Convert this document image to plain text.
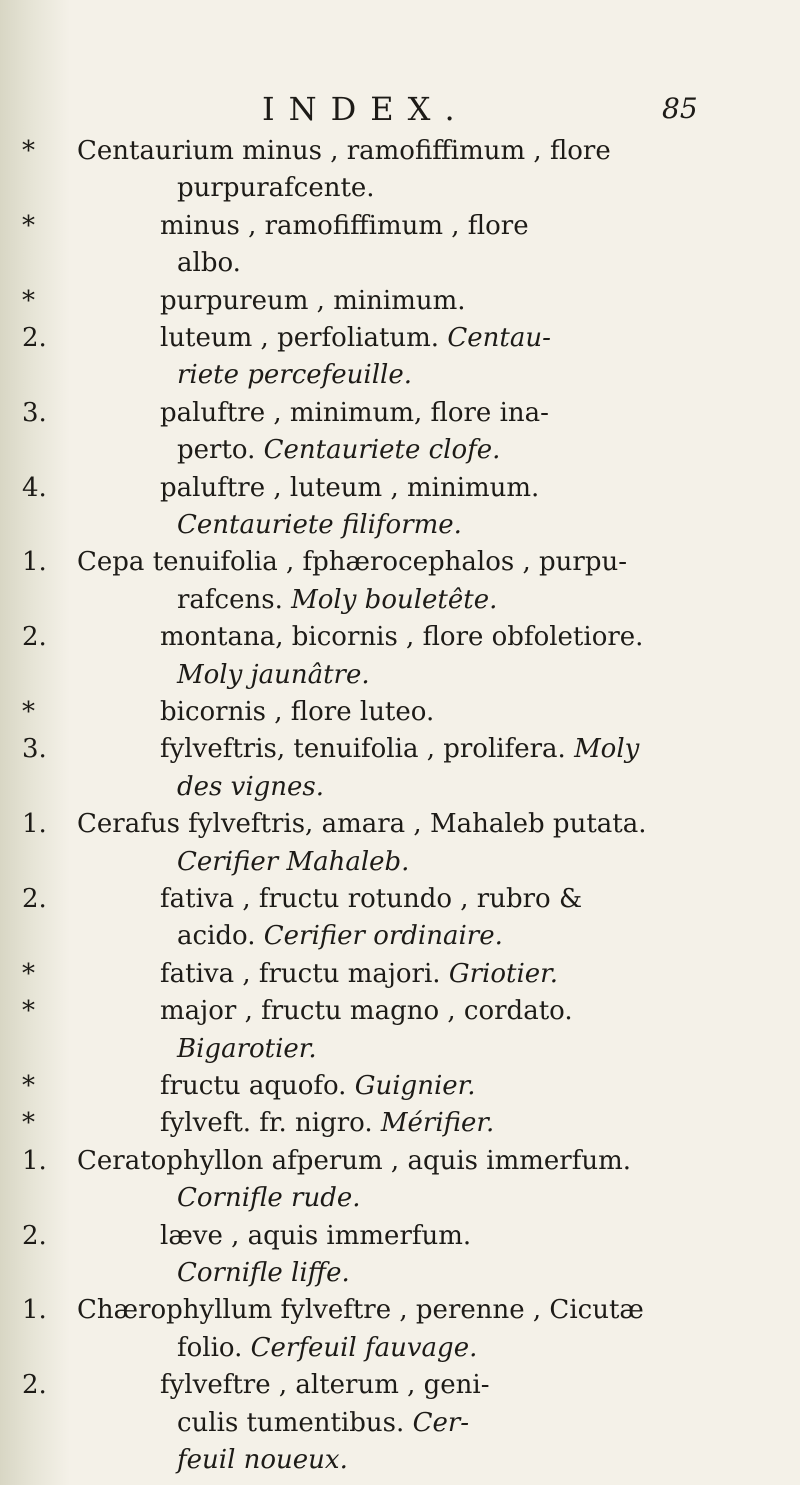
INDEX.	85
* Centaurium minus , ramofiffimum , flore
purpurafcente.
*	minus , ramofiffimum , flore
albo.
*	purpureum , minimum.
2.	luteum , perfoliatum. Centau-
riete percefeuille.
3.	paluftre , minimum, flore ina-
perto. Centauriete clofe.
4.	paluftre , luteum , minimum.
Centauriete filiforme.
1. Cepa tenuifolia , fphærocephalos , purpu-
rafcens. Moly bouletête.
2.	montana, bicornis , flore obfoletiore.
Moly jaunâtre.
*	bicornis , flore luteo.
3.	fylveftris, tenuifolia , prolifera. Moly
des vignes.
1. Cerafus fylveftris, amara , Mahaleb putata.
Cerifier Mahaleb.
2.	fativa , fructu rotundo , rubro &
acido. Cerifier ordinaire.
*	fativa , fructu majori. Griotier.
*	major , fructu magno , cordato.
Bigarotier.
*	fructu aquofo. Guignier.
*	fylveft. fr. nigro. Mérifier.
1. Ceratophyllon afperum , aquis immerfum.
Cornifle rude.
2.	læve , aquis immerfum.
Cornifle liffe.
1. Chærophyllum fylveftre , perenne , Cicutæ
folio. Cerfeuil fauvage.
2.	fylveftre , alterum , geni-
culis tumentibus. Cer-
feuil noueux.
